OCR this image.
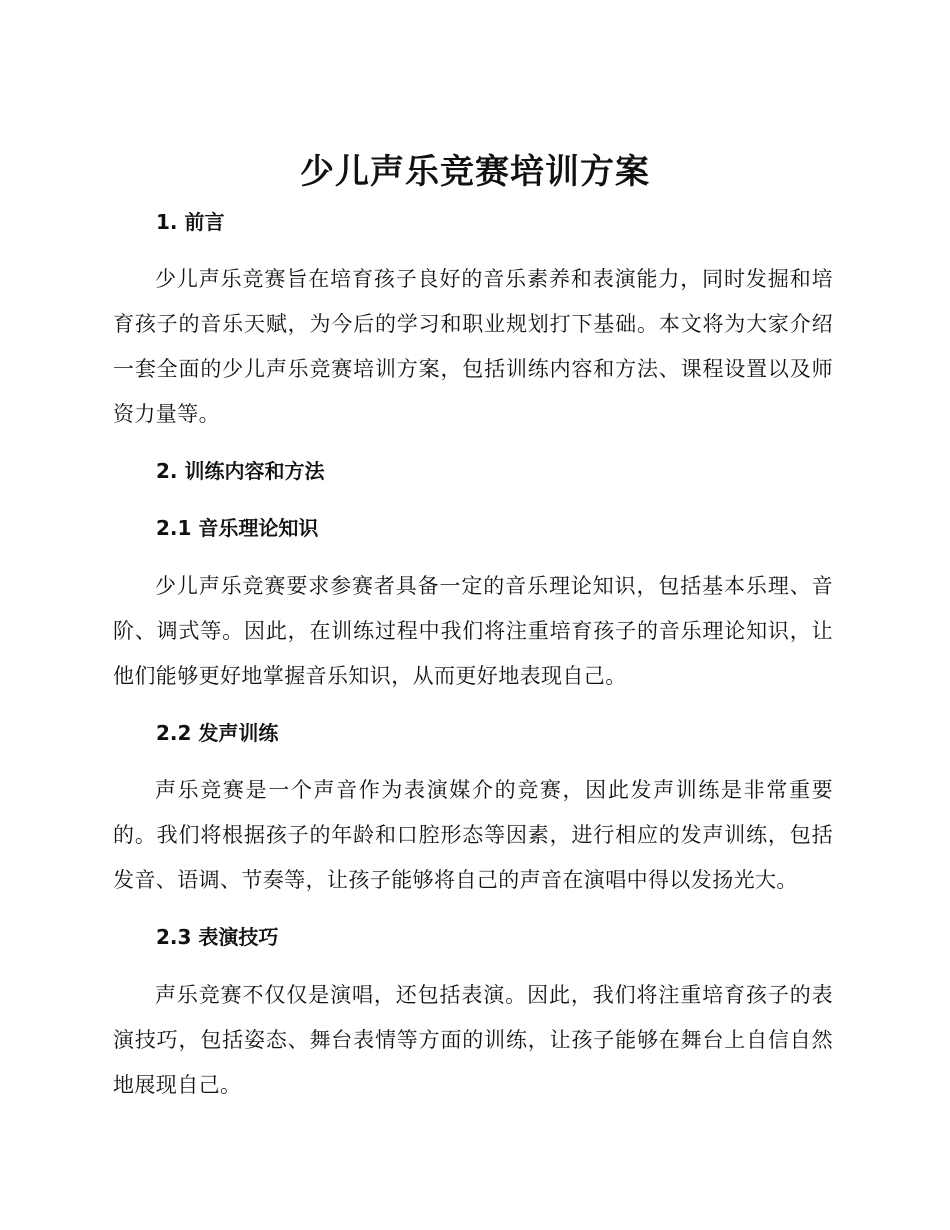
少儿声乐竞赛培训方案
1. 前言
少儿声乐竞赛旨在培育孩子良好的音乐素养和表演能力，同时发掘和培育孩子的音乐天赋，为今后的学习和职业规划打下基础。本文将为大家介绍一套全面的少儿声乐竞赛培训方案，包括训练内容和方法、课程设置以及师资力量等。
2. 训练内容和方法
2.1 音乐理论知识
少儿声乐竞赛要求参赛者具备一定的音乐理论知识，包括基本乐理、音阶、调式等。因此，在训练过程中我们将注重培育孩子的音乐理论知识，让他们能够更好地掌握音乐知识，从而更好地表现自己。
2.2 发声训练
声乐竞赛是一个声音作为表演媒介的竞赛，因此发声训练是非常重要的。我们将根据孩子的年龄和口腔形态等因素，进行相应的发声训练，包括发音、语调、节奏等，让孩子能够将自己的声音在演唱中得以发扬光大。
2.3 表演技巧
声乐竞赛不仅仅是演唱，还包括表演。因此，我们将注重培育孩子的表演技巧，包括姿态、舞台表情等方面的训练，让孩子能够在舞台上自信自然地展现自己。
